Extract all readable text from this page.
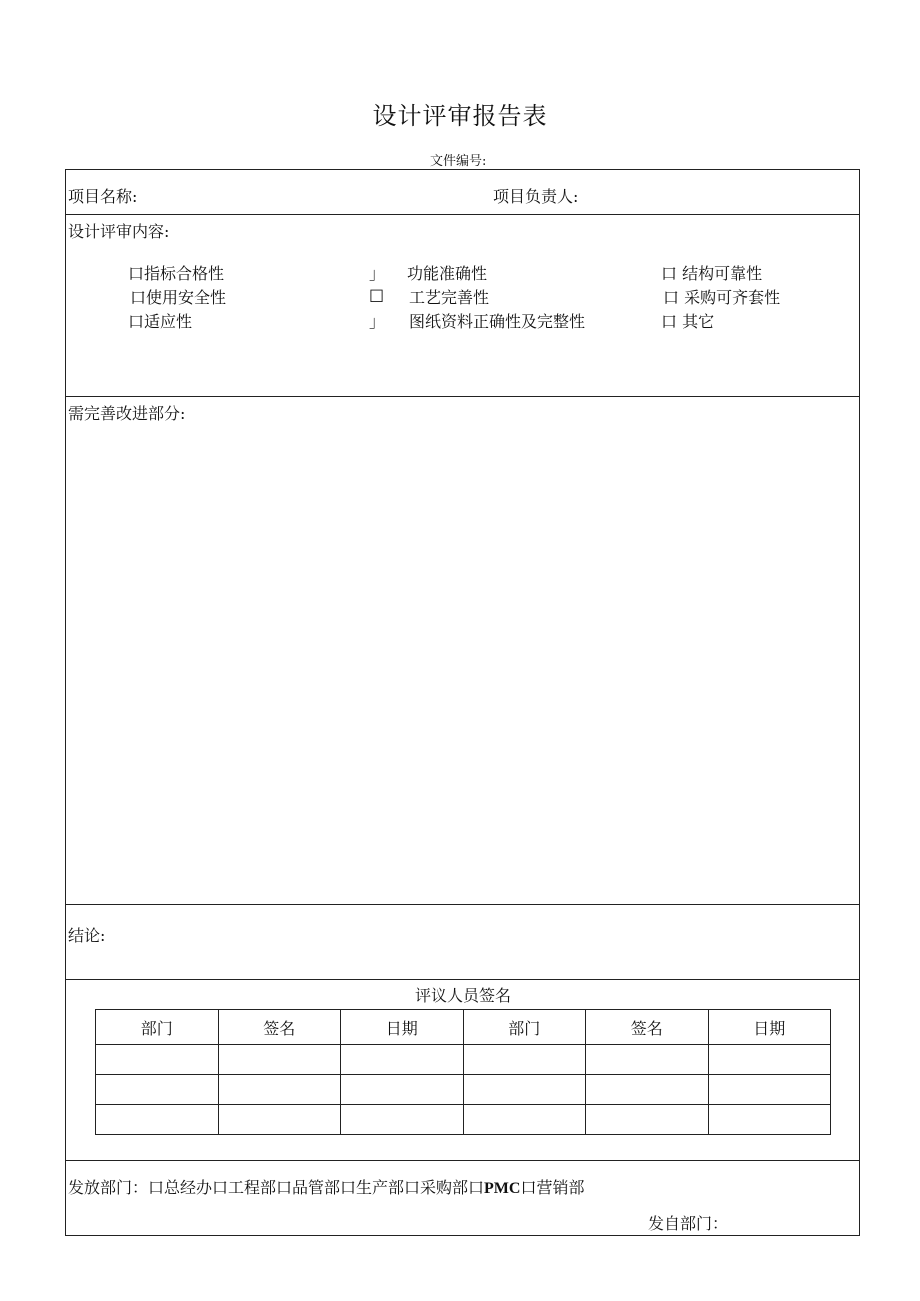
设计评审报告表
文件编号:
项目名称:	项目负责人:
设计评审内容:
口指标合格性	」 功能准确性	口 结构可靠性
口使用安全性	□ 工艺完善性	口 采购可齐套性
口适应性	」 图纸资料正确性及完整性	口 其它
需完善改进部分:
结论:
评议人员签名
部门	签名	日期	部门	签名	日期

发放部门：口总经办口工程部口品管部口生产部口采购部口PMC口营销部
发自部门：
